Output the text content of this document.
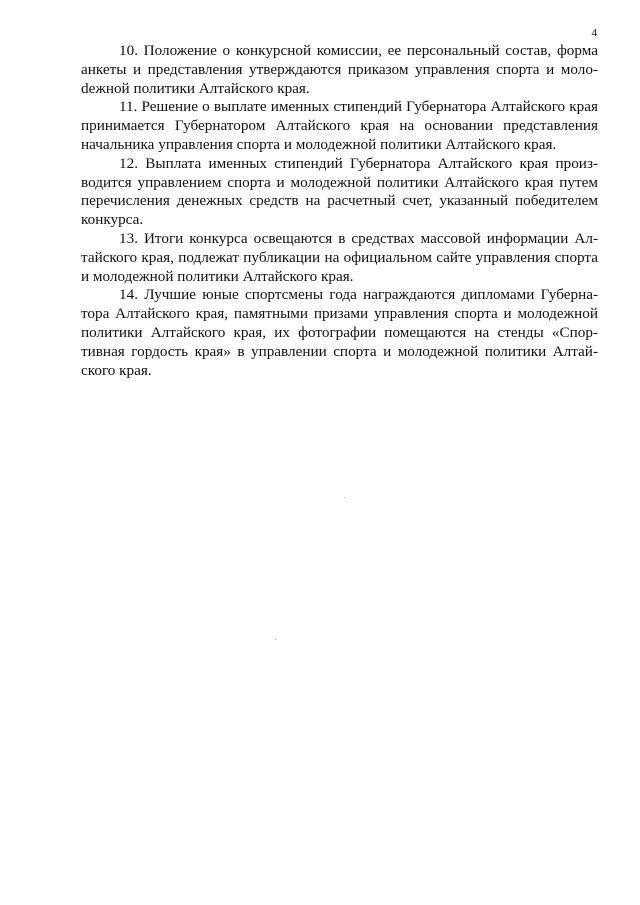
4

10. Положение о конкурсной комиссии, ее персональный состав, форма анкеты и представления утверждаются приказом управления спорта и молоdежной политики Алтайского края.

11. Решение о выплате именных стипендий Губернатора Алтайского края принимается Губернатором Алтайского края на основании представления начальника управления спорта и молодежной политики Алтайского края.

12. Выплата именных стипендий Губернатора Алтайского края производится управлением спорта и молодежной политики Алтайского края путем перечисления денежных средств на расчетный счет, указанный победителем конкурса.

13. Итоги конкурса освещаются в средствах массовой информации Алтайского края, подлежат публикации на официальном сайте управления спорта и молодежной политики Алтайского края.

14. Лучшие юные спортсмены года награждаются дипломами Губернатора Алтайского края, памятными призами управления спорта и молодежной политики Алтайского края, их фотографии помещаются на стенды «Спортивная гордость края» в управлении спорта и молодежной политики Алтайского края.
